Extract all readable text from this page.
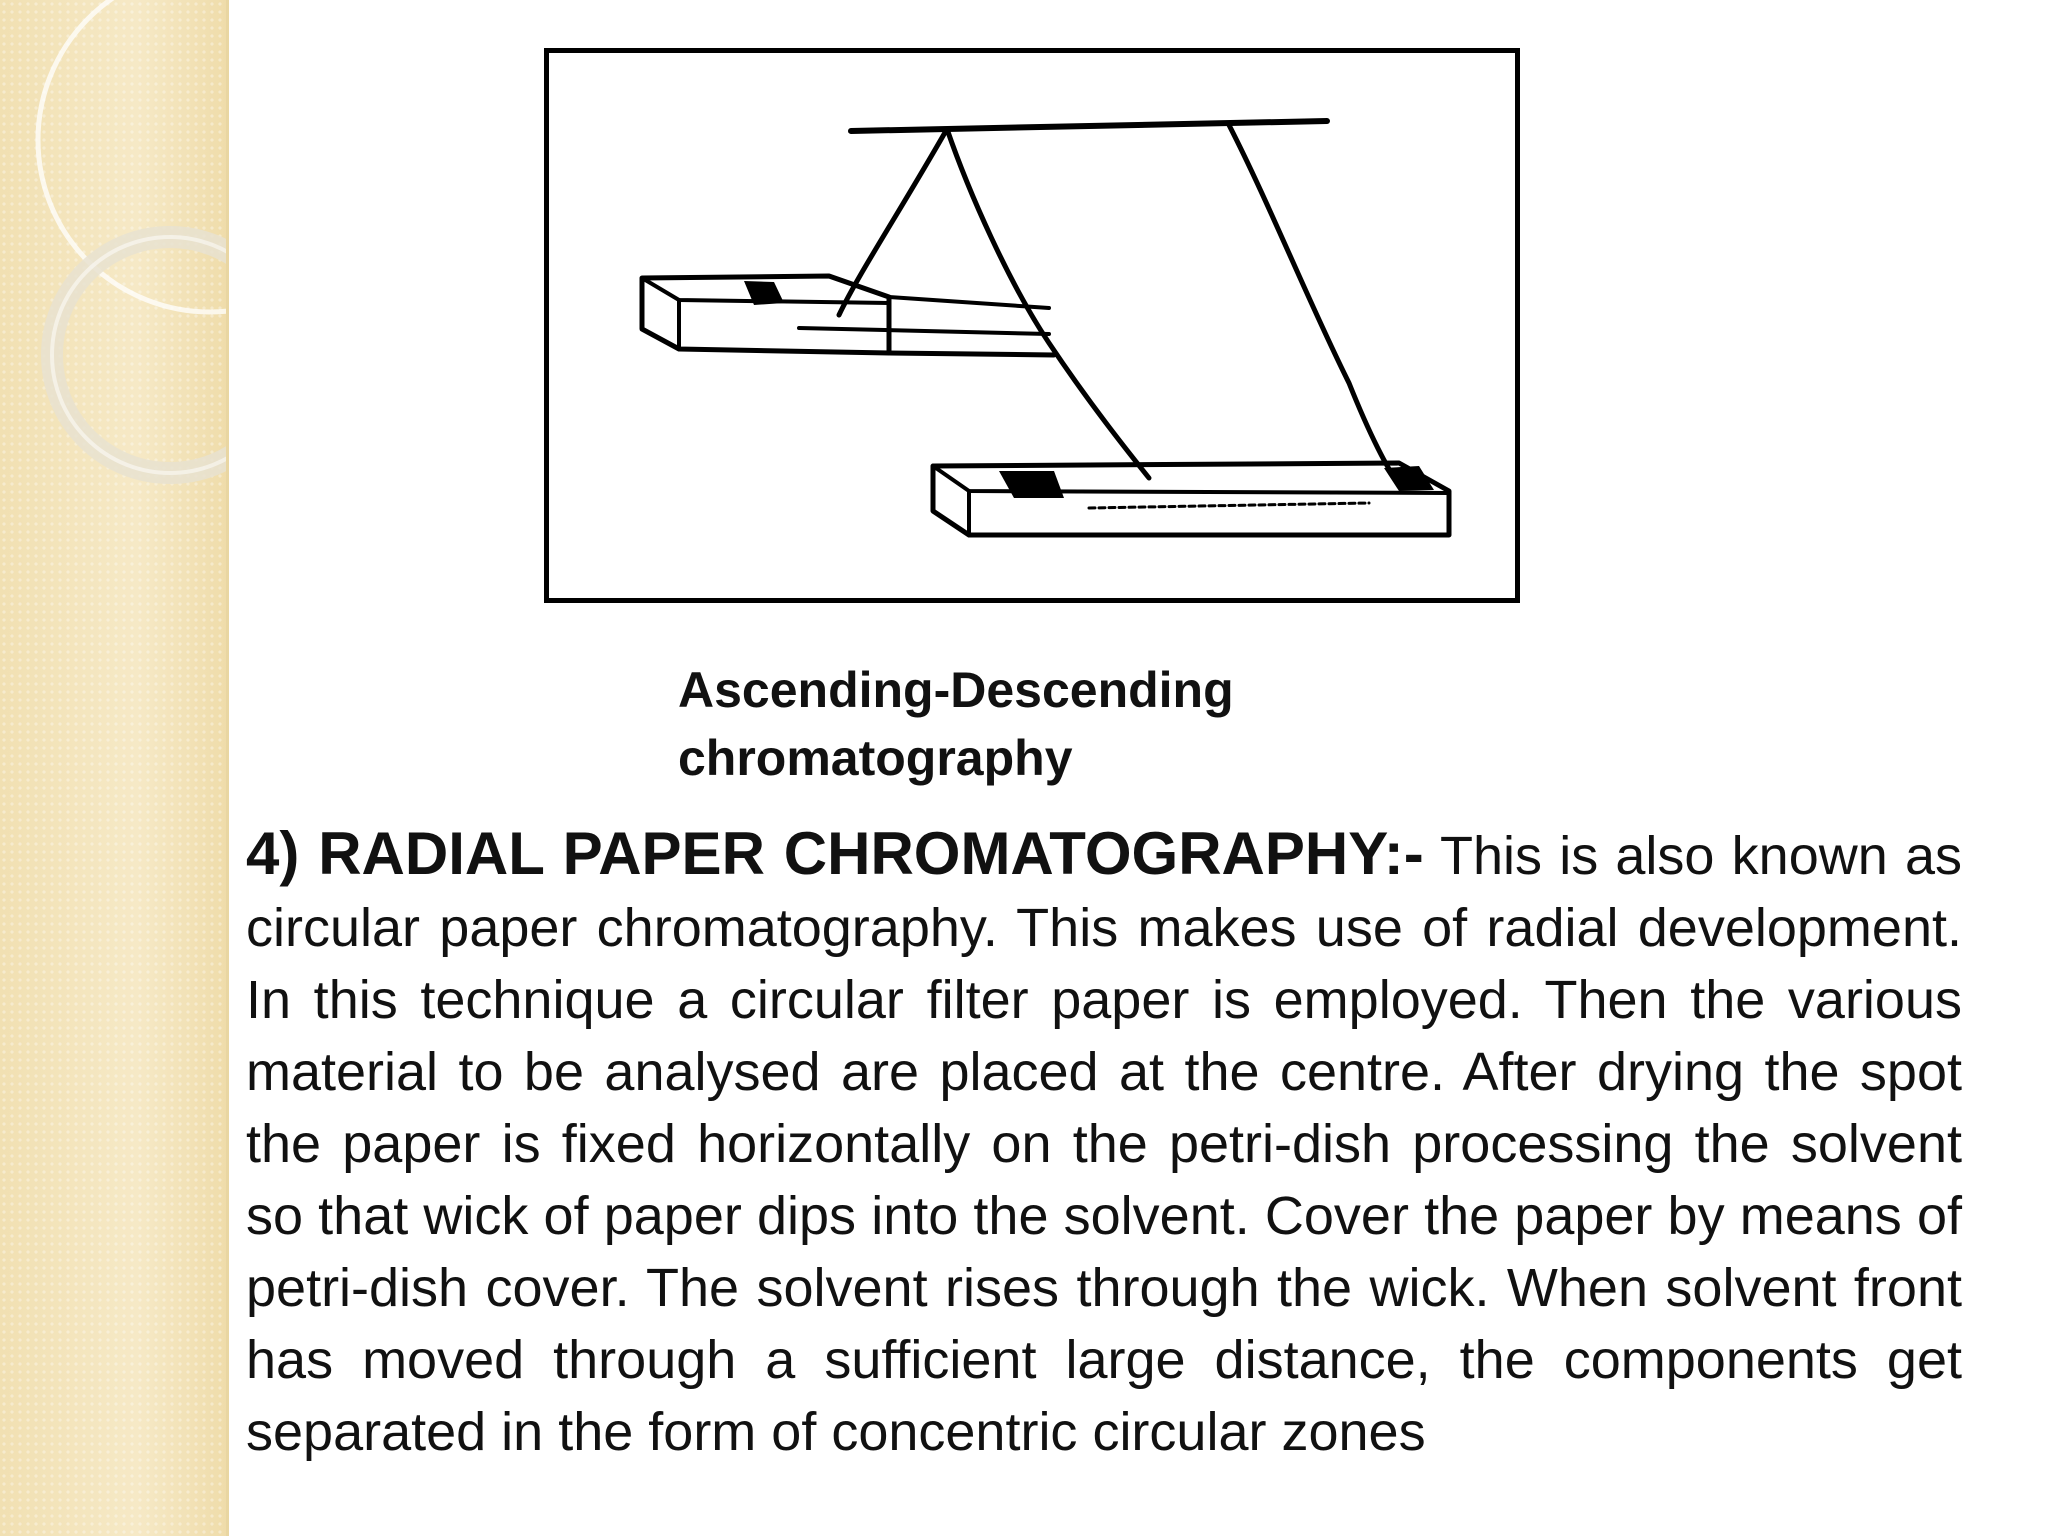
Ascending-Descending
chromatography

4) RADIAL PAPER CHROMATOGRAPHY:- This is also known as circular paper chromatography. This makes use of radial development. In this technique a circular filter paper is employed. Then the various material to be analysed are placed at the centre. After drying the spot the paper is fixed horizontally on the petri-dish processing the solvent so that wick of paper dips into the solvent. Cover the paper by means of petri-dish cover. The solvent rises through the wick. When solvent front has moved through a sufficient large distance, the components get separated in the form of concentric circular zones
